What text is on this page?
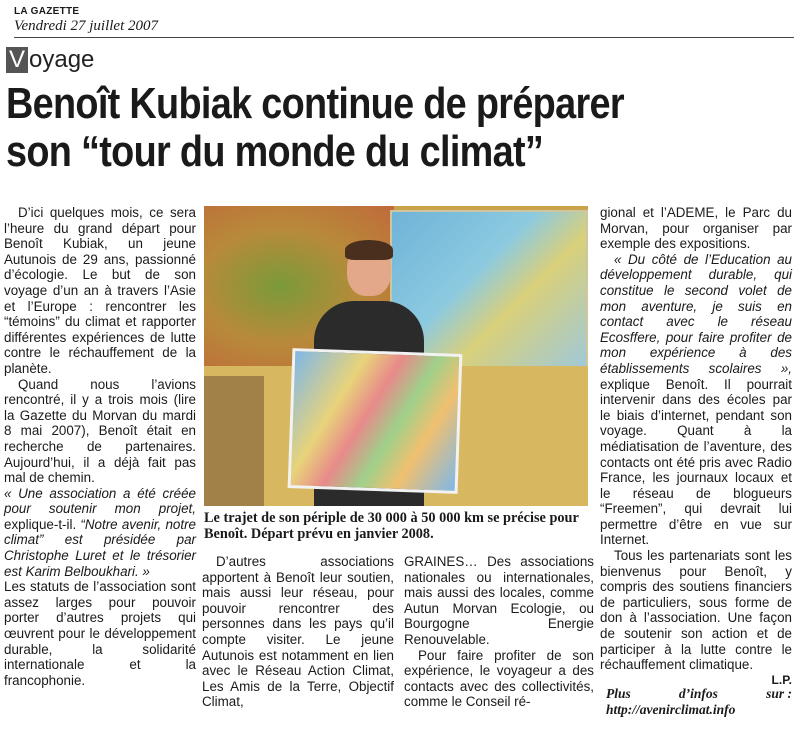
LA GAZETTE
Vendredi 27 juillet 2007
V oyage
Benoît Kubiak continue de préparer
son “tour du monde du climat”

D’ici quelques mois, ce sera l’heure du grand départ pour Benoît Kubiak, un jeune Autunois de 29 ans, passionné d’écologie. Le but de son voyage d’un an à travers l’Asie et l’Europe : rencontrer les “témoins” du climat et rapporter différentes expériences de lutte contre le réchauffement de la planète.

Quand nous l’avions rencontré, il y a trois mois (lire la Gazette du Morvan du mardi 8 mai 2007), Benoît était en recherche de partenaires. Aujourd’hui, il a déjà fait pas mal de chemin.

« Une association a été créée pour soutenir mon projet, explique-t-il. “Notre avenir, notre climat” est présidée par Christophe Luret et le trésorier est Karim Belboukhari. »

Les statuts de l’association sont assez larges pour pouvoir porter d’autres projets qui œuvrent pour le développement durable, la solidarité internationale et la francophonie.

Le trajet de son périple de 30 000 à 50 000 km se précise pour Benoît. Départ prévu en janvier 2008.

D’autres associations apportent à Benoît leur soutien, mais aussi leur réseau, pour pouvoir rencontrer des personnes dans les pays qu’il compte visiter. Le jeune Autunois est notamment en lien avec le Réseau Action Climat, Les Amis de la Terre, Objectif Climat,

GRAINES… Des associations nationales ou internationales, mais aussi des locales, comme Autun Morvan Ecologie, ou Bourgogne Energie Renouvelable.

Pour faire profiter de son expérience, le voyageur a des contacts avec des collectivités, comme le Conseil ré-

gional et l’ADEME, le Parc du Morvan, pour organiser par exemple des expositions.

« Du côté de l’Education au développement durable, qui constitue le second volet de mon aventure, je suis en contact avec le réseau Ecosffere, pour faire profiter de mon expérience à des établissements scolaires », explique Benoît. Il pourrait intervenir dans des écoles par le biais d’internet, pendant son voyage. Quant à la médiatisation de l’aventure, des contacts ont été pris avec Radio France, les journaux locaux et le réseau de blogueurs “Freemen”, qui devrait lui permettre d’être en vue sur Internet.

Tous les partenariats sont les bienvenus pour Benoît, y compris des soutiens financiers de particuliers, sous forme de don à l’association. Une façon de soutenir son action et de participer à la lutte contre le réchauffement climatique.

L.P.
Plus	d’infos	sur :
http://avenirclimat.info
